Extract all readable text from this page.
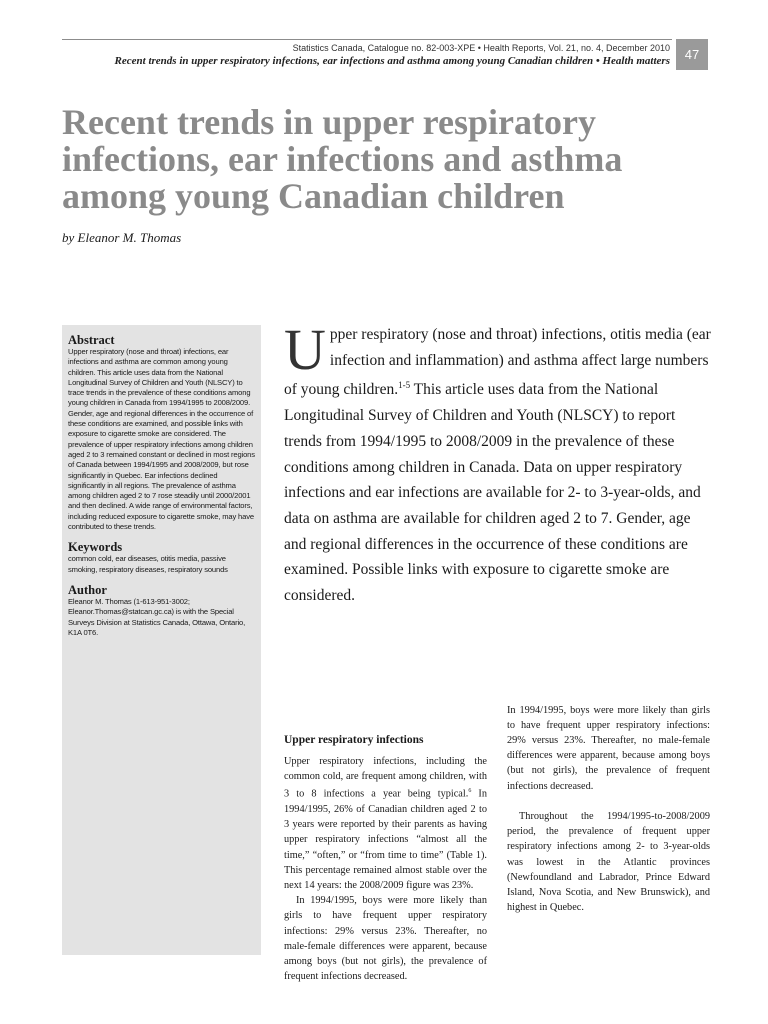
Statistics Canada, Catalogue no. 82-003-XPE • Health Reports, Vol. 21, no. 4, December 2010
Recent trends in upper respiratory infections, ear infections and asthma among young Canadian children • Health matters	47
Recent trends in upper respiratory infections, ear infections and asthma among young Canadian children
by Eleanor M. Thomas
Abstract
Upper respiratory (nose and throat) infections, ear infections and asthma are common among young children. This article uses data from the National Longitudinal Survey of Children and Youth (NLSCY) to trace trends in the prevalence of these conditions among young children in Canada from 1994/1995 to 2008/2009. Gender, age and regional differences in the occurrence of these conditions are examined, and possible links with exposure to cigarette smoke are considered. The prevalence of upper respiratory infections among children aged 2 to 3 remained constant or declined in most regions of Canada between 1994/1995 and 2008/2009, but rose significantly in Quebec. Ear infections declined significantly in all regions. The prevalence of asthma among children aged 2 to 7 rose steadily until 2000/2001 and then declined. A wide range of environmental factors, including reduced exposure to cigarette smoke, may have contributed to these trends.
Keywords
common cold, ear diseases, otitis media, passive smoking, respiratory diseases, respiratory sounds
Author

Eleanor M. Thomas (1-613-951-3002;

Eleanor.Thomas@statcan.gc.ca) is with the Special Surveys Division at Statistics Canada, Ottawa, Ontario, K1A 0T6.

Upper respiratory (nose and throat) infections, otitis media (ear infection and inflammation) and asthma affect large numbers of young children.$^{1-5}$ This article uses data from the National Longitudinal Survey of Children and Youth (NLSCY) to report trends from 1994/1995 to 2008/2009 in the prevalence of these conditions among children in Canada. Data on upper respiratory infections and ear infections are available for 2- to 3-year-olds, and data on asthma are available for children aged 2 to 7. Gender, age and regional differences in the occurrence of these conditions are examined. Possible links with exposure to cigarette smoke are considered.

Upper respiratory infections

Upper respiratory infections, including the common cold, are frequent among children, with 3 to 8 infections a year being typical.$^6$ In 1994/1995, 26% of Canadian children aged 2 to 3 years were reported by their parents as having upper respiratory infections “almost all the time,” “often,” or “from time to time” (Table 1). This percentage remained almost stable over the next 14 years: the 2008/2009 figure was 23%.

In 1994/1995, boys were more likely than girls to have frequent upper respiratory infections: 29% versus 23%. Thereafter, no male-female differences were apparent, because among boys (but not girls), the prevalence of frequent infections decreased.

In 1994/1995, boys were more likely than girls to have frequent upper respiratory infections: 29% versus 23%. Thereafter, no male-female differences were apparent, because among boys (but not girls), the prevalence of frequent infections decreased.

Throughout the 1994/1995-to-2008/2009 period, the prevalence of frequent upper respiratory infections among 2- to 3-year-olds was lowest in the Atlantic provinces (Newfoundland and Labrador, Prince Edward Island, Nova Scotia, and New Brunswick), and highest in Quebec.
